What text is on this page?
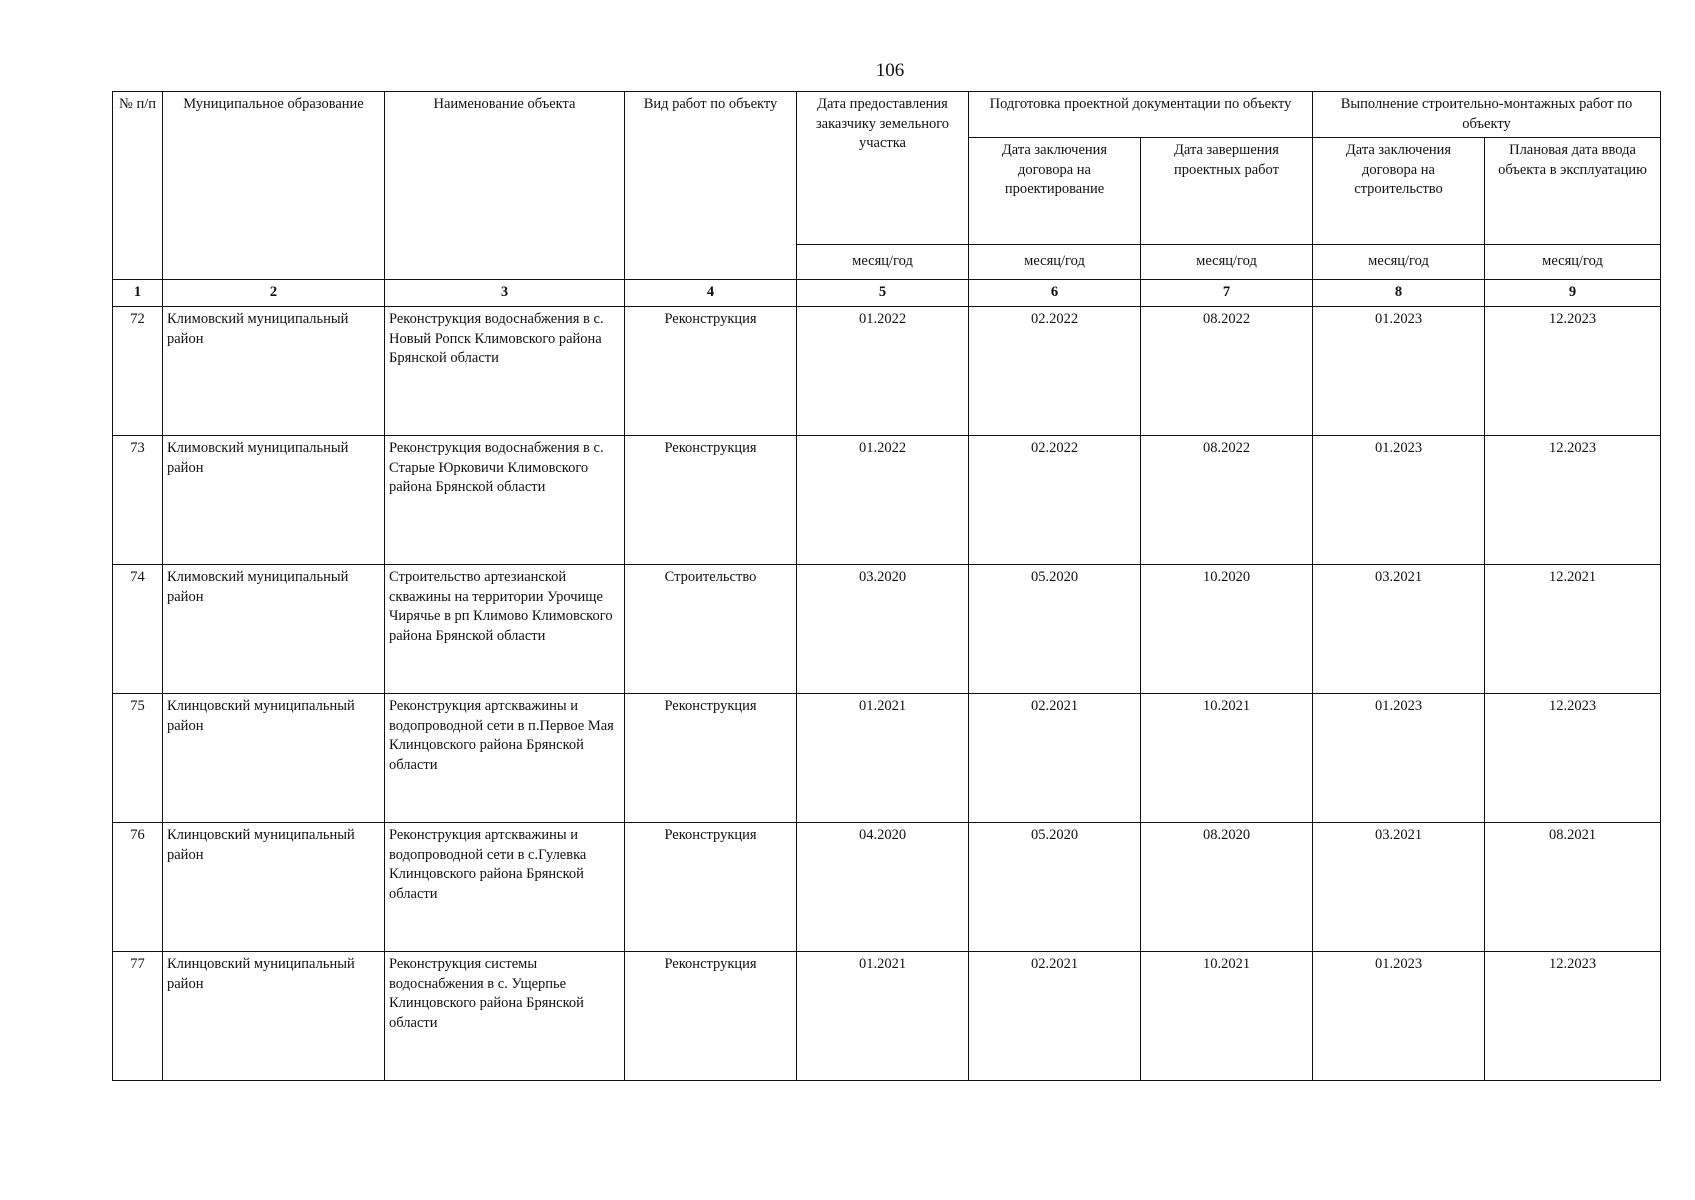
106
№ п/п	Муниципальное образование	Наименование объекта	Вид работ по объекту	Дата предоставления заказчику земельного участка	Подготовка проектной документации по объекту		Выполнение строительно-монтажных работ по объекту	
					Дата заключения договора на проектирование	Дата завершения проектных работ	Дата заключения договора на строительство	Плановая дата ввода объекта в эксплуатацию
				месяц/год	месяц/год	месяц/год	месяц/год	месяц/год
1	2	3	4	5	6	7	8	9
72	Климовский муниципальный район	Реконструкция водоснабжения в с. Новый Ропск Климовского района Брянской области	Реконструкция	01.2022	02.2022	08.2022	01.2023	12.2023
73	Климовский муниципальный район	Реконструкция водоснабжения в с. Старые Юрковичи Климовского района Брянской области	Реконструкция	01.2022	02.2022	08.2022	01.2023	12.2023
74	Климовский муниципальный район	Строительство артезианской скважины на территории Урочище Чирячье в рп Климово Климовского района Брянской области	Строительство	03.2020	05.2020	10.2020	03.2021	12.2021
75	Клинцовский муниципальный район	Реконструкция артскважины и водопроводной сети в п.Первое Мая Клинцовского района Брянской области	Реконструкция	01.2021	02.2021	10.2021	01.2023	12.2023
76	Клинцовский муниципальный район	Реконструкция артскважины и водопроводной сети в с.Гулевка Клинцовского района Брянской области	Реконструкция	04.2020	05.2020	08.2020	03.2021	08.2021
77	Клинцовский муниципальный район	Реконструкция системы водоснабжения в с. Ущерпье Клинцовского района Брянской области	Реконструкция	01.2021	02.2021	10.2021	01.2023	12.2023
